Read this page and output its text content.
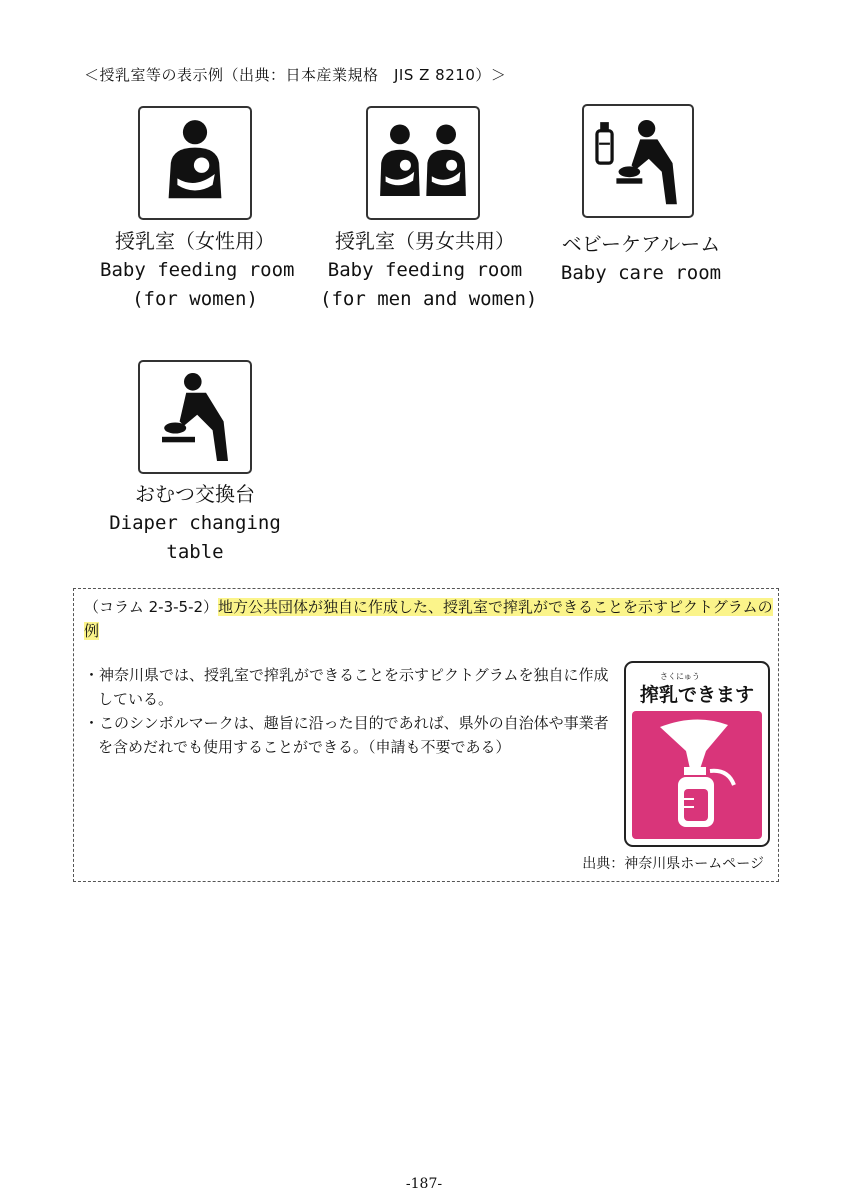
＜授乳室等の表示例（出典：日本産業規格　JIS Z 8210）＞
授乳室（女性用）
Baby feeding room
(for women)
授乳室（男女共用）
Baby feeding room
(for men and women)
ベビーケアルーム
Baby care room
おむつ交換台
Diaper changing
table
（コラム 2-3-5-2）地方公共団体が独自に作成した、授乳室で搾乳ができることを示すピクトグラムの例

・神奈川県では、授乳室で搾乳ができることを示すピクトグラムを独自に作成している。

・このシンボルマークは、趣旨に沿った目的であれば、県外の自治体や事業者を含めだれでも使用することができる。（申請も不要である）

さくにゅう
搾乳できます
出典：神奈川県ホームページ
-187-
